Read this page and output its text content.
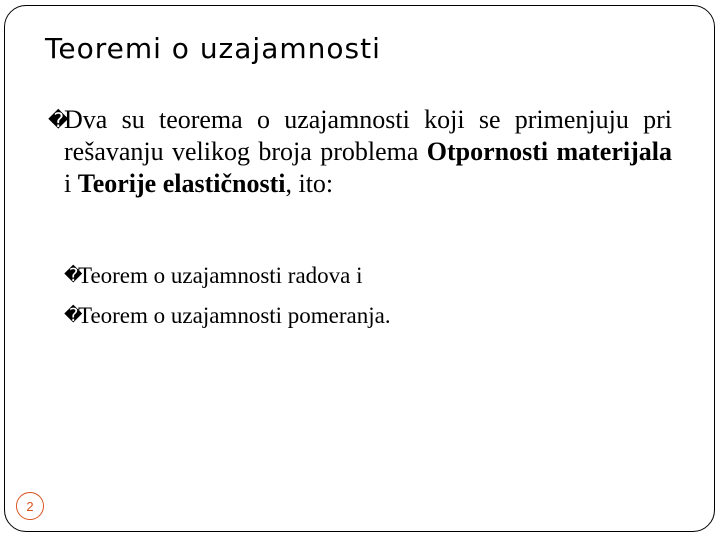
Teoremi o uzajamnosti

�
Dva su teorema o uzajamnosti koji se primenjuju pri rešavanju velikog broja problema Otpornosti materijala i Teorije elastičnosti, ito:

�
Teorem o uzajamnosti radova i
�
Teorem o uzajamnosti pomeranja.
2
